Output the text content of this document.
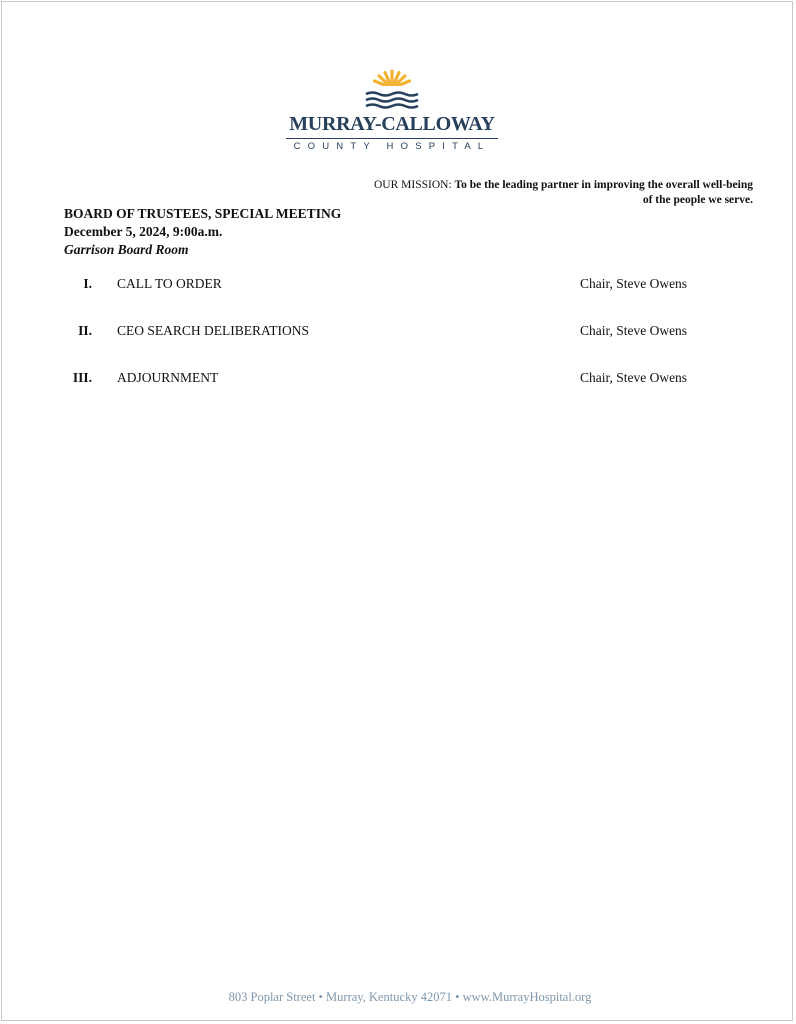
MURRAY-CALLOWAY
COUNTY HOSPITAL
OUR MISSION: To be the leading partner in improving the overall well-being
of the people we serve.
BOARD OF TRUSTEES, SPECIAL MEETING
December 5, 2024, 9:00a.m.
Garrison Board Room
I. CALL TO ORDER	Chair, Steve Owens
II. CEO SEARCH DELIBERATIONS	Chair, Steve Owens
III. ADJOURNMENT	Chair, Steve Owens
803 Poplar Street • Murray, Kentucky 42071 • www.MurrayHospital.org
